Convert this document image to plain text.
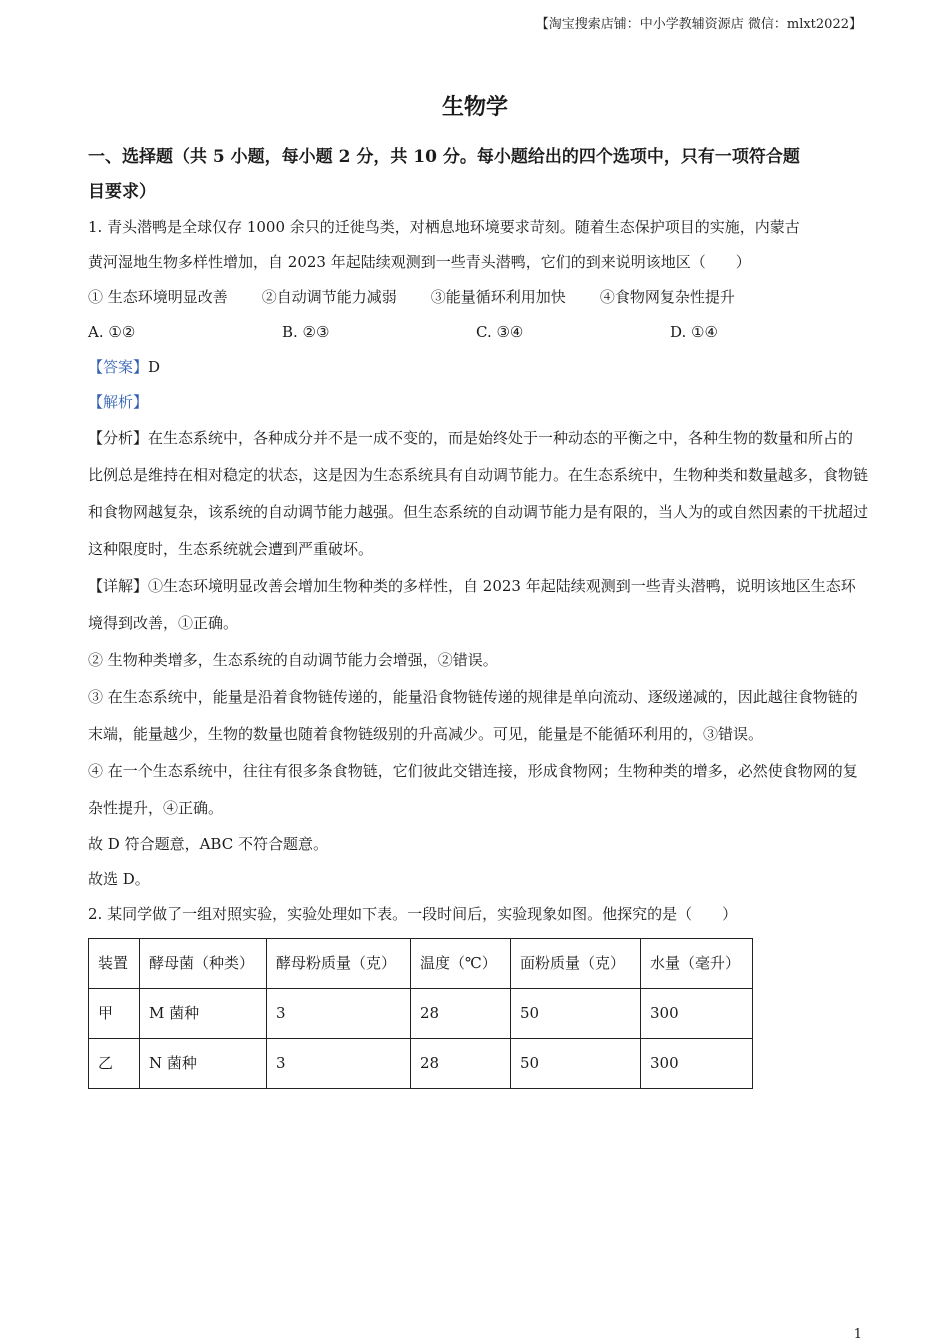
【淘宝搜索店铺：中小学教辅资源店 微信：mlxt2022】
生物学
一、选择题（共 5 小题，每小题 2 分，共 10 分。每小题给出的四个选项中，只有一项符合题
目要求）
1. 青头潜鸭是全球仅存 1000 余只的迁徙鸟类，对栖息地环境要求苛刻。随着生态保护项目的实施，内蒙古
黄河湿地生物多样性增加，自 2023 年起陆续观测到一些青头潜鸭，它们的到来说明该地区（　　）
① 生态环境明显改善 ②自动调节能力减弱 ③能量循环利用加快 ④食物网复杂性提升
A. ①②	B. ②③	C. ③④	D. ①④
【答案】D
【解析】

【分析】在生态系统中，各种成分并不是一成不变的，而是始终处于一种动态的平衡之中，各种生物的数量和所占的比例总是维持在相对稳定的状态，这是因为生态系统具有自动调节能力。在生态系统中，生物种类和数量越多，食物链和食物网越复杂，该系统的自动调节能力越强。但生态系统的自动调节能力是有限的，当人为的或自然因素的干扰超过这种限度时，生态系统就会遭到严重破坏。

【详解】①生态环境明显改善会增加生物种类的多样性，自 2023 年起陆续观测到一些青头潜鸭，说明该地区生态环境得到改善，①正确。

② 生物种类增多，生态系统的自动调节能力会增强，②错误。

③ 在生态系统中，能量是沿着食物链传递的，能量沿食物链传递的规律是单向流动、逐级递减的，因此越往食物链的末端，能量越少，生物的数量也随着食物链级别的升高减少。可见，能量是不能循环利用的，③错误。

④ 在一个生态系统中，往往有很多条食物链，它们彼此交错连接，形成食物网；生物种类的增多，必然使食物网的复杂性提升，④正确。

故 D 符合题意，ABC 不符合题意。
故选 D。
2. 某同学做了一组对照实验，实验处理如下表。一段时间后，实验现象如图。他探究的是（　　）
装置	酵母菌（种类）	酵母粉质量（克）	温度（℃）	面粉质量（克）	水量（毫升）
甲	M 菌种	3	28	50	300
乙	N 菌种	3	28	50	300
1
